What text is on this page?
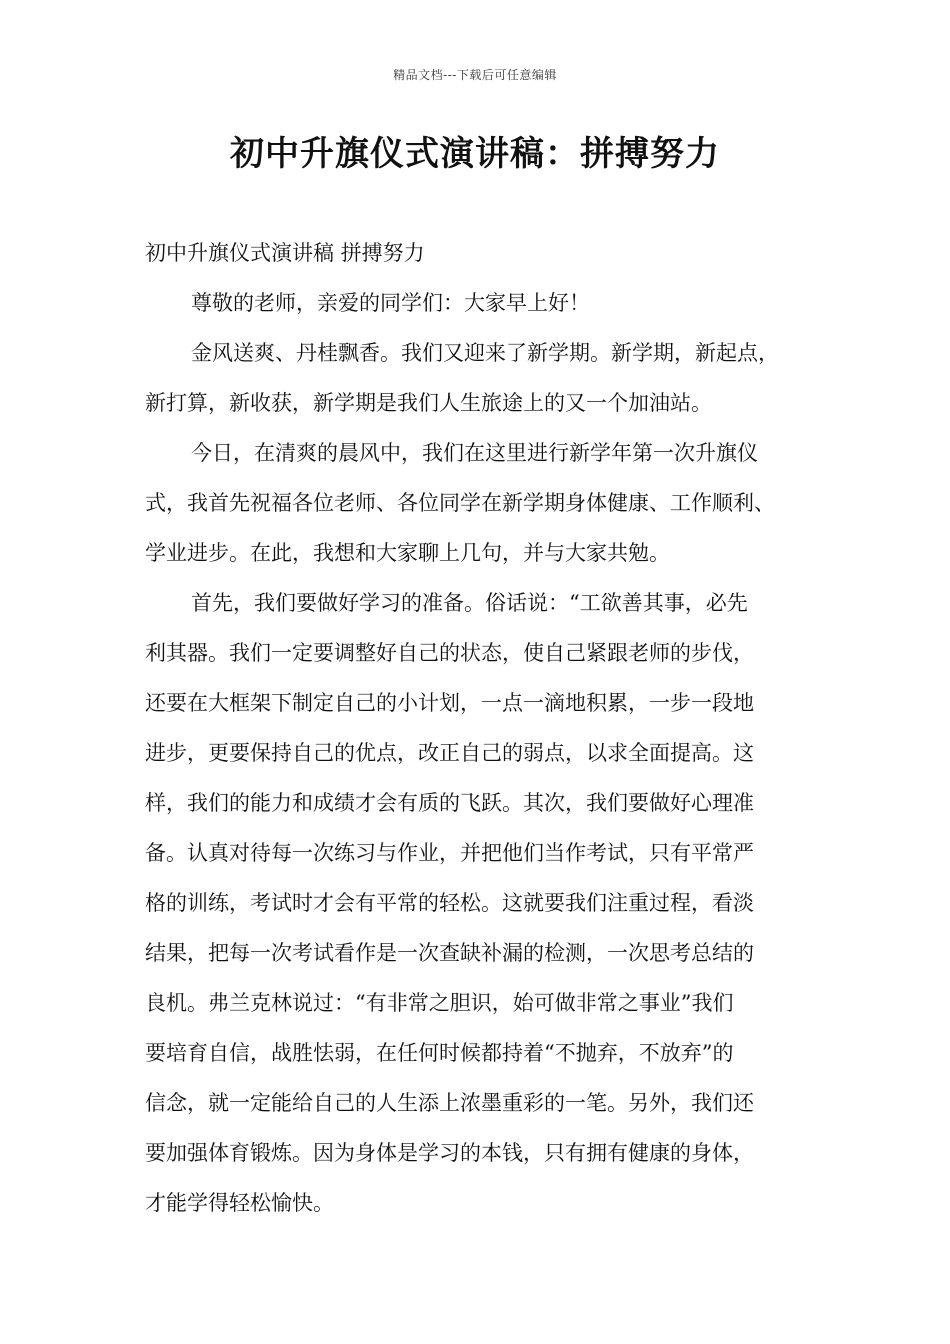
精品文档---下载后可任意编辑
初中升旗仪式演讲稿：拼搏努力
初中升旗仪式演讲稿 拼搏努力
尊敬的老师，亲爱的同学们：大家早上好！
金风送爽、丹桂飘香。我们又迎来了新学期。新学期，新起点，
新打算，新收获，新学期是我们人生旅途上的又一个加油站。
今日，在清爽的晨风中，我们在这里进行新学年第一次升旗仪
式，我首先祝福各位老师、各位同学在新学期身体健康、工作顺利、
学业进步。在此，我想和大家聊上几句，并与大家共勉。
首先，我们要做好学习的准备。俗话说：“工欲善其事，必先
利其器。我们一定要调整好自己的状态，使自己紧跟老师的步伐，
还要在大框架下制定自己的小计划，一点一滴地积累，一步一段地
进步，更要保持自己的优点，改正自己的弱点，以求全面提高。这
样，我们的能力和成绩才会有质的飞跃。其次，我们要做好心理准
备。认真对待每一次练习与作业，并把他们当作考试，只有平常严
格的训练，考试时才会有平常的轻松。这就要我们注重过程，看淡
结果，把每一次考试看作是一次查缺补漏的检测，一次思考总结的
良机。弗兰克林说过：“有非常之胆识，始可做非常之事业”我们
要培育自信，战胜怯弱，在任何时候都持着“不抛弃，不放弃”的
信念，就一定能给自己的人生添上浓墨重彩的一笔。另外，我们还
要加强体育锻炼。因为身体是学习的本钱，只有拥有健康的身体，
才能学得轻松愉快。
